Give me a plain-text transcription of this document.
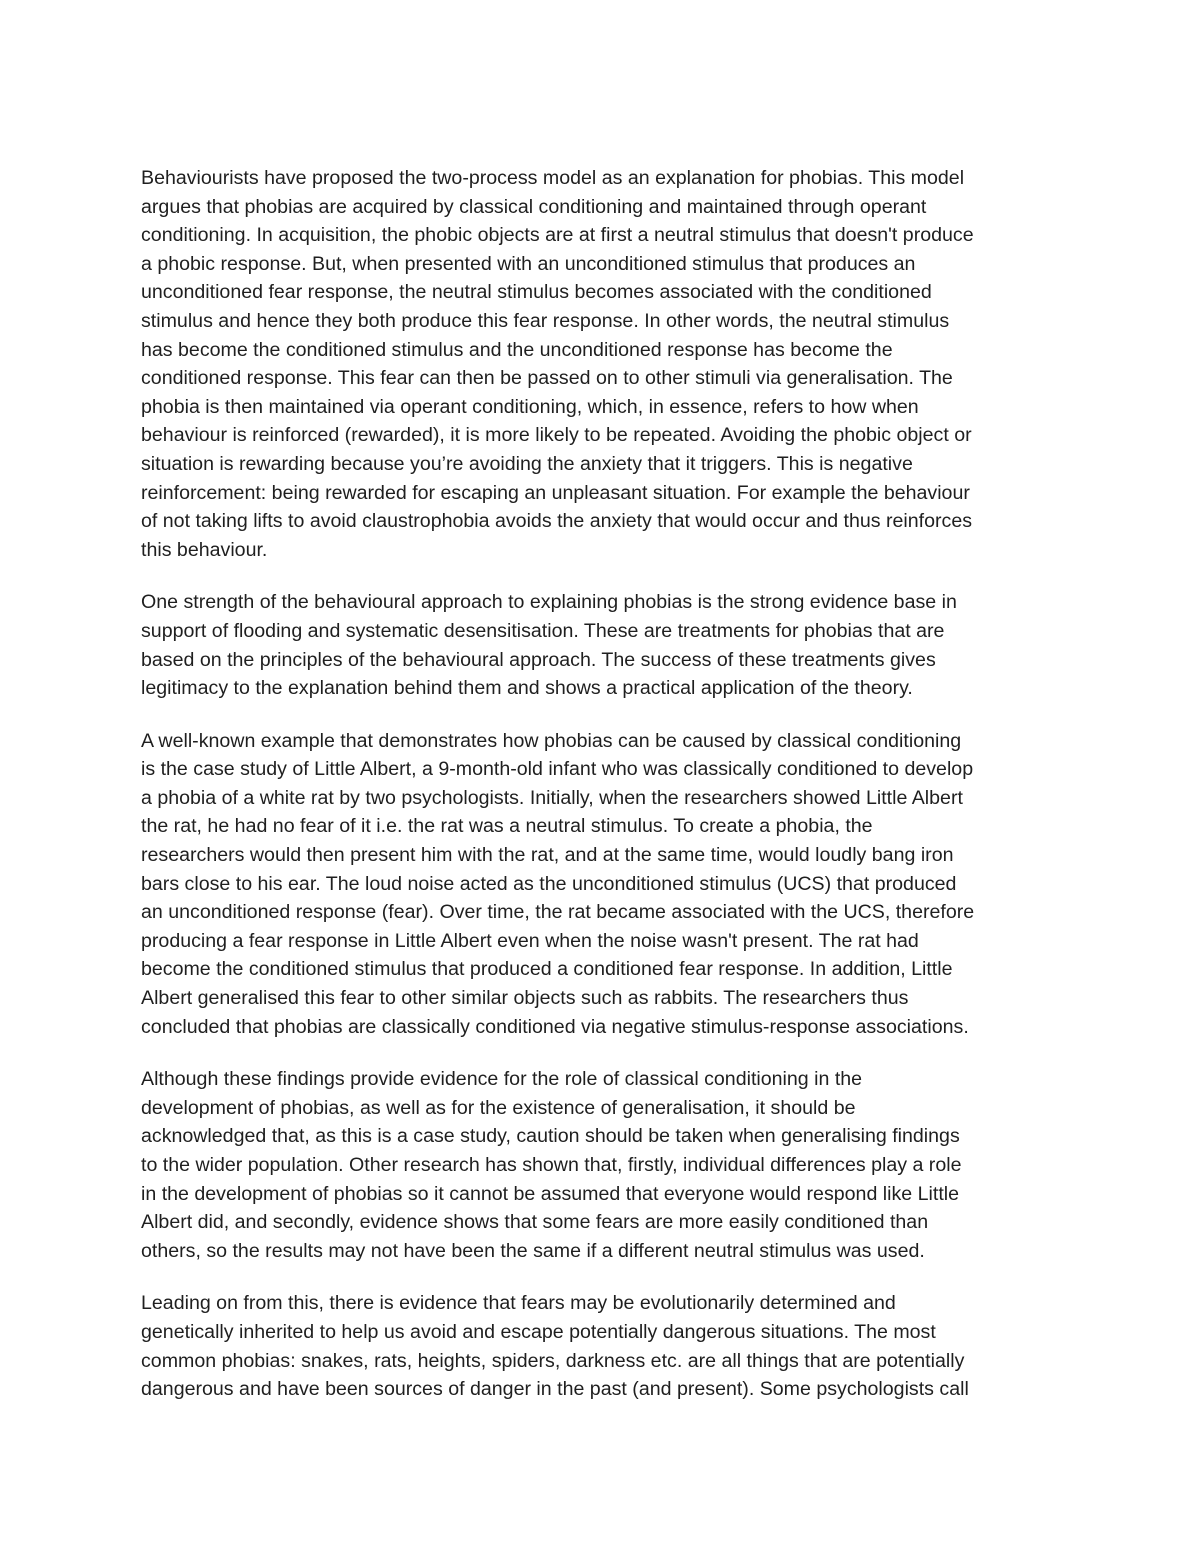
Behaviourists have proposed the two-process model as an explanation for phobias. This model
argues that phobias are acquired by classical conditioning and maintained through operant
conditioning. In acquisition, the phobic objects are at first a neutral stimulus that doesn't produce
a phobic response. But, when presented with an unconditioned stimulus that produces an
unconditioned fear response, the neutral stimulus becomes associated with the conditioned
stimulus and hence they both produce this fear response. In other words, the neutral stimulus
has become the conditioned stimulus and the unconditioned response has become the
conditioned response. This fear can then be passed on to other stimuli via generalisation. The
phobia is then maintained via operant conditioning, which, in essence, refers to how when
behaviour is reinforced (rewarded), it is more likely to be repeated. Avoiding the phobic object or
situation is rewarding because you’re avoiding the anxiety that it triggers. This is negative
reinforcement: being rewarded for escaping an unpleasant situation. For example the behaviour
of not taking lifts to avoid claustrophobia avoids the anxiety that would occur and thus reinforces
this behaviour.

One strength of the behavioural approach to explaining phobias is the strong evidence base in
support of flooding and systematic desensitisation. These are treatments for phobias that are
based on the principles of the behavioural approach. The success of these treatments gives
legitimacy to the explanation behind them and shows a practical application of the theory.

A well-known example that demonstrates how phobias can be caused by classical conditioning
is the case study of Little Albert, a 9-month-old infant who was classically conditioned to develop
a phobia of a white rat by two psychologists. Initially, when the researchers showed Little Albert
the rat, he had no fear of it i.e. the rat was a neutral stimulus. To create a phobia, the
researchers would then present him with the rat, and at the same time, would loudly bang iron
bars close to his ear. The loud noise acted as the unconditioned stimulus (UCS) that produced
an unconditioned response (fear). Over time, the rat became associated with the UCS, therefore
producing a fear response in Little Albert even when the noise wasn't present. The rat had
become the conditioned stimulus that produced a conditioned fear response. In addition, Little
Albert generalised this fear to other similar objects such as rabbits. The researchers thus
concluded that phobias are classically conditioned via negative stimulus-response associations.

Although these findings provide evidence for the role of classical conditioning in the
development of phobias, as well as for the existence of generalisation, it should be
acknowledged that, as this is a case study, caution should be taken when generalising findings
to the wider population. Other research has shown that, firstly, individual differences play a role
in the development of phobias so it cannot be assumed that everyone would respond like Little
Albert did, and secondly, evidence shows that some fears are more easily conditioned than
others, so the results may not have been the same if a different neutral stimulus was used.

Leading on from this, there is evidence that fears may be evolutionarily determined and
genetically inherited to help us avoid and escape potentially dangerous situations. The most
common phobias: snakes, rats, heights, spiders, darkness etc. are all things that are potentially
dangerous and have been sources of danger in the past (and present). Some psychologists call
